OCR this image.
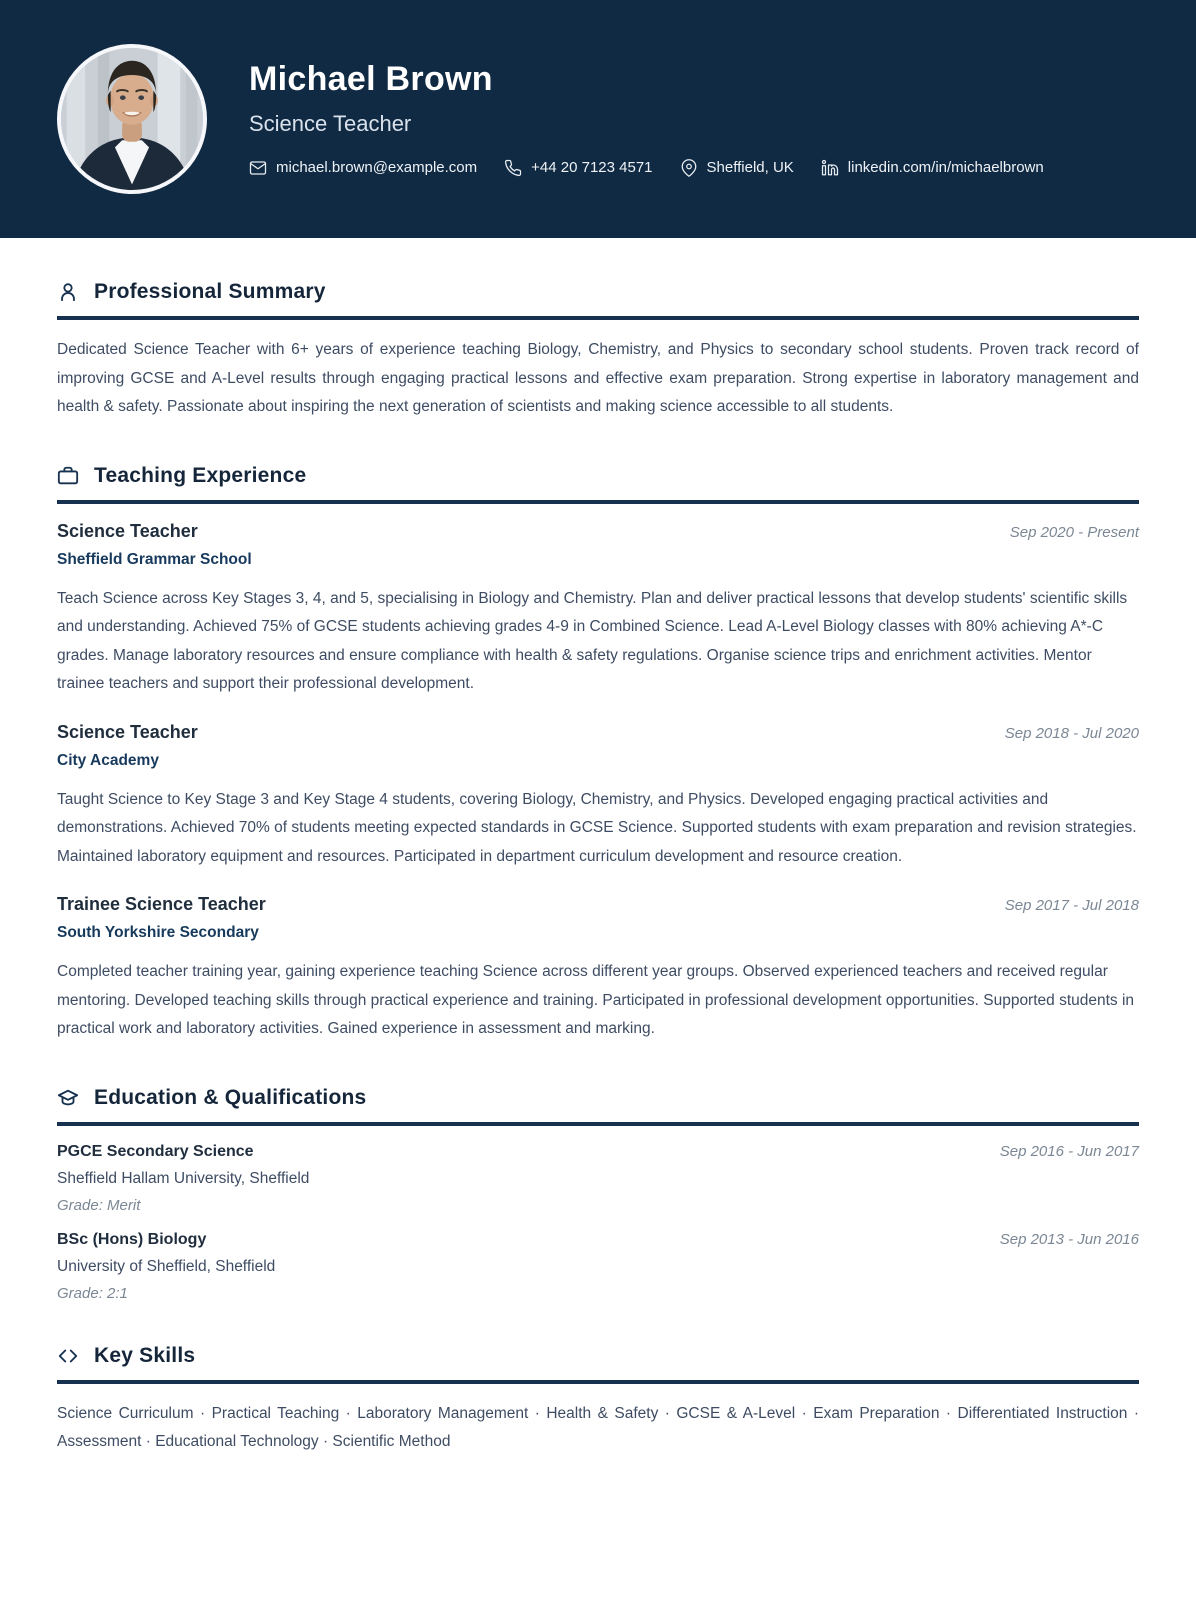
Michael Brown
Science Teacher
michael.brown@example.com	+44 20 7123 4571	Sheffield, UK	linkedin.com/in/michaelbrown
Professional Summary

Dedicated Science Teacher with 6+ years of experience teaching Biology, Chemistry, and Physics to secondary school students. Proven track record of improving GCSE and A-Level results through engaging practical lessons and effective exam preparation. Strong expertise in laboratory management and health & safety. Passionate about inspiring the next generation of scientists and making science accessible to all students.

Teaching Experience
Science Teacher	Sep 2020 - Present
Sheffield Grammar School

Teach Science across Key Stages 3, 4, and 5, specialising in Biology and Chemistry. Plan and deliver practical lessons that develop students' scientific skills and understanding. Achieved 75% of GCSE students achieving grades 4-9 in Combined Science. Lead A-Level Biology classes with 80% achieving A*-C grades. Manage laboratory resources and ensure compliance with health & safety regulations. Organise science trips and enrichment activities. Mentor trainee teachers and support their professional development.

Science Teacher	Sep 2018 - Jul 2020
City Academy

Taught Science to Key Stage 3 and Key Stage 4 students, covering Biology, Chemistry, and Physics. Developed engaging practical activities and demonstrations. Achieved 70% of students meeting expected standards in GCSE Science. Supported students with exam preparation and revision strategies. Maintained laboratory equipment and resources. Participated in department curriculum development and resource creation.

Trainee Science Teacher	Sep 2017 - Jul 2018
South Yorkshire Secondary

Completed teacher training year, gaining experience teaching Science across different year groups. Observed experienced teachers and received regular mentoring. Developed teaching skills through practical experience and training. Participated in professional development opportunities. Supported students in practical work and laboratory activities. Gained experience in assessment and marking.

Education & Qualifications
PGCE Secondary Science	Sep 2016 - Jun 2017
Sheffield Hallam University, Sheffield
Grade: Merit
BSc (Hons) Biology	Sep 2013 - Jun 2016
University of Sheffield, Sheffield
Grade: 2:1
Key Skills

Science Curriculum · Practical Teaching · Laboratory Management · Health & Safety · GCSE & A-Level · Exam Preparation · Differentiated Instruction · Assessment · Educational Technology · Scientific Method
